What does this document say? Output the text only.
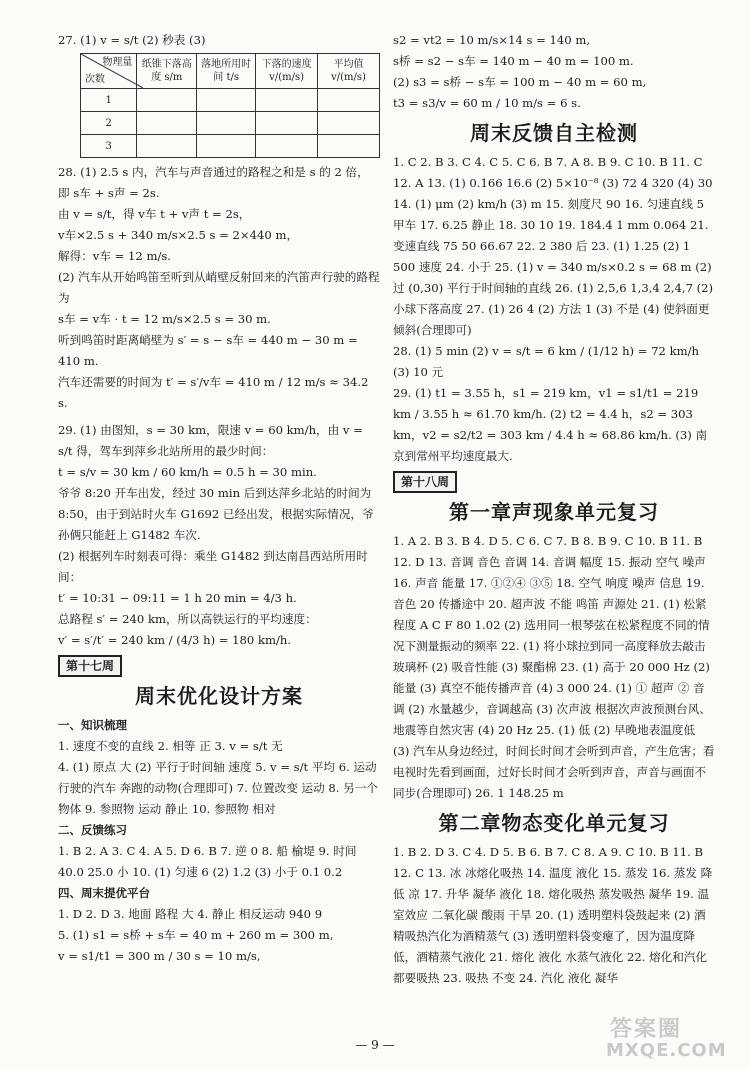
27. (1) v = s/t (2) 秒表 (3)

物理量
次数	纸锥下落高度 s/m	落地所用时间 t/s	下落的速度 v/(m/s)	平均值 v/(m/s)
1				
2				
3				

28. (1) 2.5 s 内，汽车与声音通过的路程之和是 s 的 2 倍，即 s车 + s声 = 2s.

由 v = s/t，得 v车 t + v声 t = 2s，

v车×2.5 s + 340 m/s×2.5 s = 2×440 m，

解得：v车 = 12 m/s.

(2) 汽车从开始鸣笛至听到从峭壁反射回来的汽笛声行驶的路程为

s车 = v车 · t = 12 m/s×2.5 s = 30 m.

听到鸣笛时距离峭壁为 s′ = s − s车 = 440 m − 30 m = 410 m.

汽车还需要的时间为 t′ = s′/v车 = 410 m / 12 m/s ≈ 34.2 s.

29. (1) 由图知，s = 30 km，限速 v = 60 km/h，由 v = s/t 得，驾车到萍乡北站所用的最少时间：

t = s/v = 30 km / 60 km/h = 0.5 h = 30 min.

爷爷 8:20 开车出发，经过 30 min 后到达萍乡北站的时间为 8:50，由于到站时火车 G1692 已经出发，根据实际情况，爷孙俩只能赶上 G1482 车次.

(2) 根据列车时刻表可得：乘坐 G1482 到达南昌西站所用时间：

t′ = 10:31 − 09:11 = 1 h 20 min = 4/3 h.

总路程 s′ = 240 km，所以高铁运行的平均速度：

v′ = s′/t′ = 240 km / (4/3 h) = 180 km/h.

第十七周
周末优化设计方案

一、知识梳理

1. 速度不变的直线 2. 相等 正 3. v = s/t 无

4. (1) 原点 大 (2) 平行于时间轴 速度 5. v = s/t 平均 6. 运动 行驶的汽车 奔跑的动物(合理即可) 7. 位置改变 运动 8. 另一个物体 9. 参照物 运动 静止 10. 参照物 相对

二、反馈练习

1. B 2. A 3. C 4. A 5. D 6. B 7. 逆 0 8. 船 榆堤 9. 时间 40.0 25.0 小 10. (1) 匀速 6 (2) 1.2 (3) 小于 0.1 0.2

四、周末提优平台

1. D 2. D 3. 地面 路程 大 4. 静止 相反运动 940 9

5. (1) s1 = s桥 + s车 = 40 m + 260 m = 300 m,

v = s1/t1 = 300 m / 30 s = 10 m/s,

s2 = vt2 = 10 m/s×14 s = 140 m,

s桥 = s2 − s车 = 140 m − 40 m = 100 m.

(2) s3 = s桥 − s车 = 100 m − 40 m = 60 m,

t3 = s3/v = 60 m / 10 m/s = 6 s.

周末反馈自主检测

1. C 2. B 3. C 4. C 5. C 6. B 7. A 8. B 9. C 10. B 11. C 12. A 13. (1) 0.166 16.6 (2) 5×10⁻⁸ (3) 72 4 320 (4) 30 14. (1) μm (2) km/h (3) m 15. 刻度尺 90 16. 匀速直线 5 甲车 17. 6.25 静止 18. 30 10 19. 184.4 1 mm 0.064 21. 变速直线 75 50 66.67 22. 2 380 后 23. (1) 1.25 (2) 1 500 速度 24. 小于 25. (1) v = 340 m/s×0.2 s = 68 m (2) 过 (0,30) 平行于时间轴的直线 26. (1) 2,5,6 1,3,4 2,4,7 (2) 小球下落高度 27. (1) 26 4 (2) 方法 1 (3) 不是 (4) 使斜面更倾斜(合理即可)

28. (1) 5 min (2) v = s/t = 6 km / (1/12 h) = 72 km/h (3) 10 元

29. (1) t1 = 3.55 h，s1 = 219 km，v1 = s1/t1 = 219 km / 3.55 h ≈ 61.70 km/h. (2) t2 = 4.4 h，s2 = 303 km，v2 = s2/t2 = 303 km / 4.4 h ≈ 68.86 km/h. (3) 南京到常州平均速度最大.

第十八周
第一章声现象单元复习

1. A 2. B 3. B 4. D 5. C 6. C 7. B 8. B 9. C 10. B 11. B 12. D 13. 音调 音色 音调 14. 音调 幅度 15. 振动 空气 噪声 16. 声音 能量 17. ①②④ ③⑤ 18. 空气 响度 噪声 信息 19. 音色 20 传播途中 20. 超声波 不能 鸣笛 声源处 21. (1) 松紧程度 A C F 80 1.02 (2) 选用同一根琴弦在松紧程度不同的情况下测量振动的频率 22. (1) 将小球拉到同一高度释放去敲击玻璃杯 (2) 吸音性能 (3) 聚酯棉 23. (1) 高于 20 000 Hz (2) 能量 (3) 真空不能传播声音 (4) 3 000 24. (1) ① 超声 ② 音调 (2) 水量越少，音调越高 (3) 次声波 根据次声波预测台风、地震等自然灾害 (4) 20 Hz 25. (1) 低 (2) 早晚地表温度低 (3) 汽车从身边经过，时间长时间才会听到声音，产生危害；看电视时先看到画面，过好长时间才会听到声音，声音与画面不同步(合理即可) 26. 1 148.25 m

第二章物态变化单元复习

1. B 2. D 3. C 4. D 5. B 6. B 7. C 8. A 9. C 10. B 11. B 12. C 13. 冰 冰熔化吸热 14. 温度 液化 15. 蒸发 16. 蒸发 降低 凉 17. 升华 凝华 液化 18. 熔化吸热 蒸发吸热 凝华 19. 温室效应 二氧化碳 酸雨 干旱 20. (1) 透明塑料袋鼓起来 (2) 酒精吸热汽化为酒精蒸气 (3) 透明塑料袋变瘪了，因为温度降低，酒精蒸气液化 21. 熔化 液化 水蒸气液化 22. 熔化和汽化都要吸热 23. 吸热 不变 24. 汽化 液化 凝华

— 9 —
答案圈
MXQE.COM
